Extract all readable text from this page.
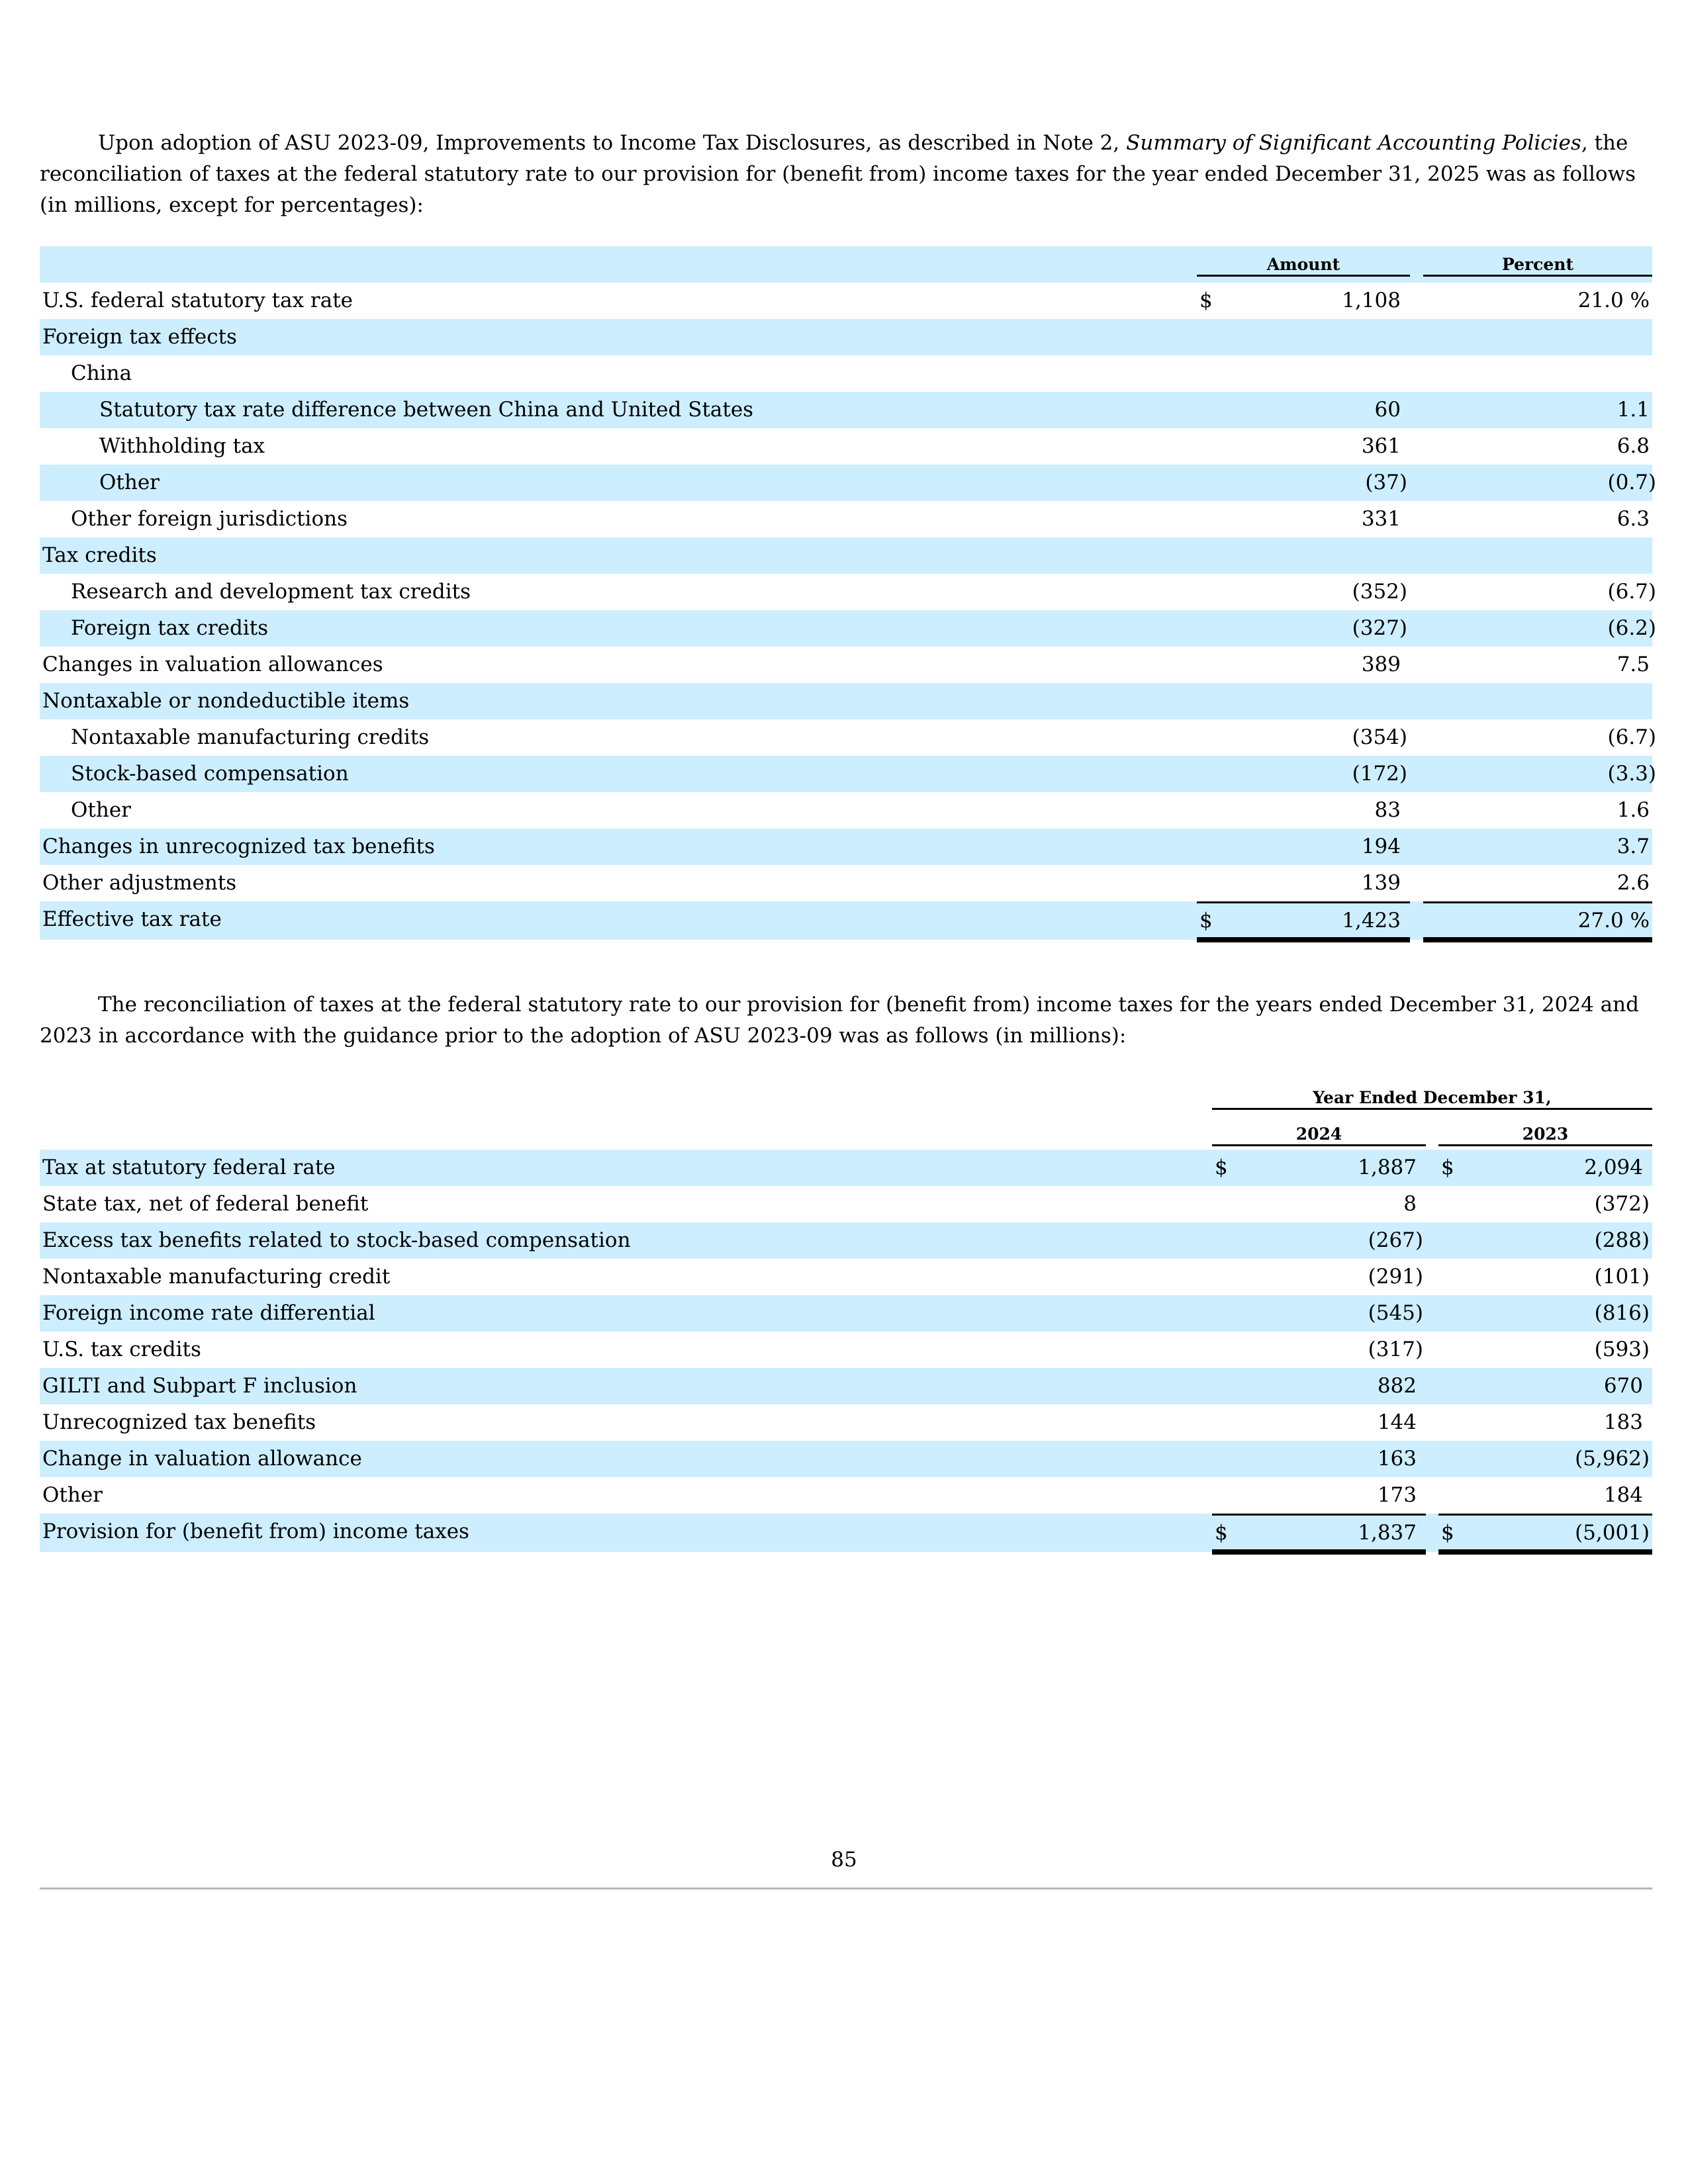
Upon adoption of ASU 2023-09, Improvements to Income Tax Disclosures, as described in Note 2, Summary of Significant Accounting Policies, the reconciliation of taxes at the federal statutory rate to our provision for (benefit from) income taxes for the year ended December 31, 2025 was as follows (in millions, except for percentages):

Amount	Percent
U.S. federal statutory tax rate	$	1,108	21.0 %
Foreign tax effects
China
Statutory tax rate difference between China and United States	60	1.1
Withholding tax	361	6.8
Other	(37)	(0.7)
Other foreign jurisdictions	331	6.3
Tax credits
Research and development tax credits	(352)	(6.7)
Foreign tax credits	(327)	(6.2)
Changes in valuation allowances	389	7.5
Nontaxable or nondeductible items
Nontaxable manufacturing credits	(354)	(6.7)
Stock-based compensation	(172)	(3.3)
Other	83	1.6
Changes in unrecognized tax benefits	194	3.7
Other adjustments	139	2.6
Effective tax rate	$	1,423	27.0 %

The reconciliation of taxes at the federal statutory rate to our provision for (benefit from) income taxes for the years ended December 31, 2024 and 2023 in accordance with the guidance prior to the adoption of ASU 2023-09 was as follows (in millions):

Year Ended December 31,
2024	2023
Tax at statutory federal rate	$	1,887 $	2,094
State tax, net of federal benefit	8	(372)
Excess tax benefits related to stock-based compensation	(267)	(288)
Nontaxable manufacturing credit	(291)	(101)
Foreign income rate differential	(545)	(816)
U.S. tax credits	(317)	(593)
GILTI and Subpart F inclusion	882	670
Unrecognized tax benefits	144	183
Change in valuation allowance	163	(5,962)
Other	173	184
Provision for (benefit from) income taxes	$	1,837 $	(5,001)
85
